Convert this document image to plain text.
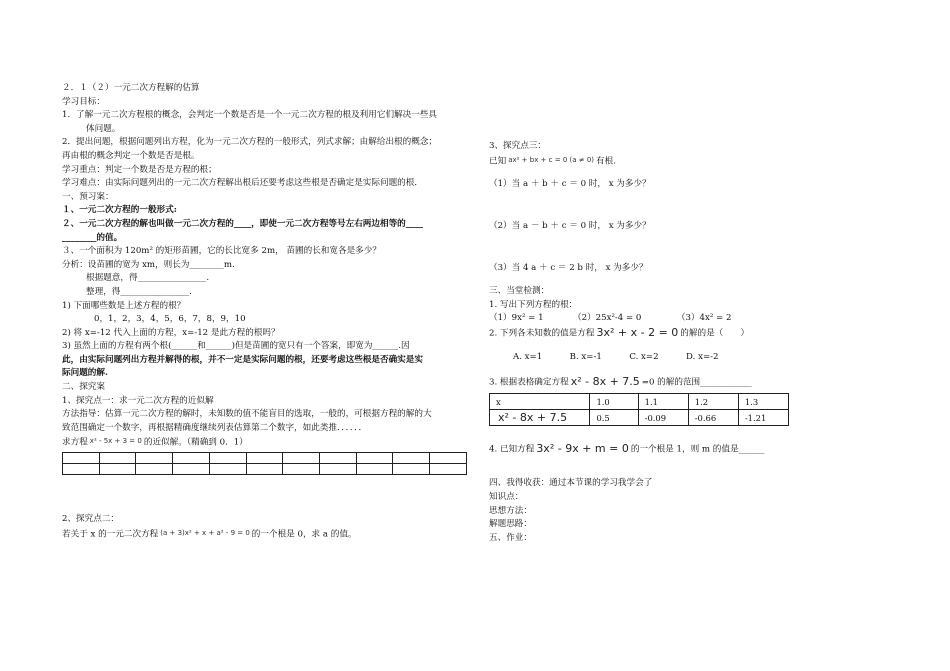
２．１（２）一元二次方程解的估算
学习目标：
1．了解一元二次方程根的概念，会判定一个数是否是一个一元二次方程的根及利用它们解决一些具
体问题。
2．提出问题，根据问题列出方程，化为一元二次方程的一般形式，列式求解；由解给出根的概念；
再由根的概念判定一个数是否是根。
学习重点：判定一个数是否是方程的根；
学习难点：由实际问题列出的一元二次方程解出根后还要考虑这些根是否确定是实际问题的根．
一、预习案：
１、一元二次方程的一般形式:
２、一元二次方程的解也叫做一元二次方程的____，即使一元二次方程等号左右两边相等的____
________的值。
３、一个面积为 120m² 的矩形苗圃，它的长比宽多 2m， 苗圃的长和宽各是多少？
分析：设苗圃的宽为 xm，则长为________m.
根据题意，得________________.
整理，得________________.
1) 下面哪些数是上述方程的根？
0，1，2，3，4，5，6，7，8，9，10
2) 将 x=-12 代入上面的方程，x=-12 是此方程的根吗？
3) 虽然上面的方程有两个根(______和______)但是苗圃的宽只有一个答案，即宽为______.因
此，由实际问题列出方程并解得的根，并不一定是实际问题的根，还要考虑这些根是否确实是实
际问题的解.
二、探究案
1、探究点一：求一元二次方程的近似解
方法指导：估算一元二次方程的解时，未知数的值不能盲目的选取，一般的，可根据方程的解的大
致范围确定一个数字，再根据精确度继续列表估算第二个数字，如此类推．．．．．．
求方程 x² - 5x + 3 = 0 的近似解。（精确到 0．1）

2、探究点二：
若关于 x 的一元二次方程 (a + 3)x² + x + a² - 9 = 0 的一个根是 0，求 a 的值。
3、探究点三：
已知 ax² + bx + c = 0 (a ≠ 0) 有根.
（1）当 a ＋ b ＋ c ＝ 0 时， x 为多少？
（2）当 a － b ＋ c ＝ 0 时， x 为多少？
（3）当 4 a ＋ c ＝ 2 b 时， x 为多少？
三、当堂检测：
1. 写出下列方程的根：
（1）9x² = 1	（2）25x²-4 = 0	（3）4x² = 2
2. 下列各未知数的值是方程 3x² + x - 2 = 0 的解的是（　　）
A. x=1	B. x=-1	C. x=2	D. x=-2
3. 根据表格确定方程 x² - 8x + 7.5 =0 的解的范围____________
x	1.0	1.1	1.2	1.3
x² - 8x + 7.5	0.5	-0.09	-0.66	-1.21
4. 已知方程 3x² - 9x + m = 0 的一个根是 1，则 m 的值是______
四、我得收获：通过本节课的学习我学会了
知识点：
思想方法：
解题思路：
五、作业：
